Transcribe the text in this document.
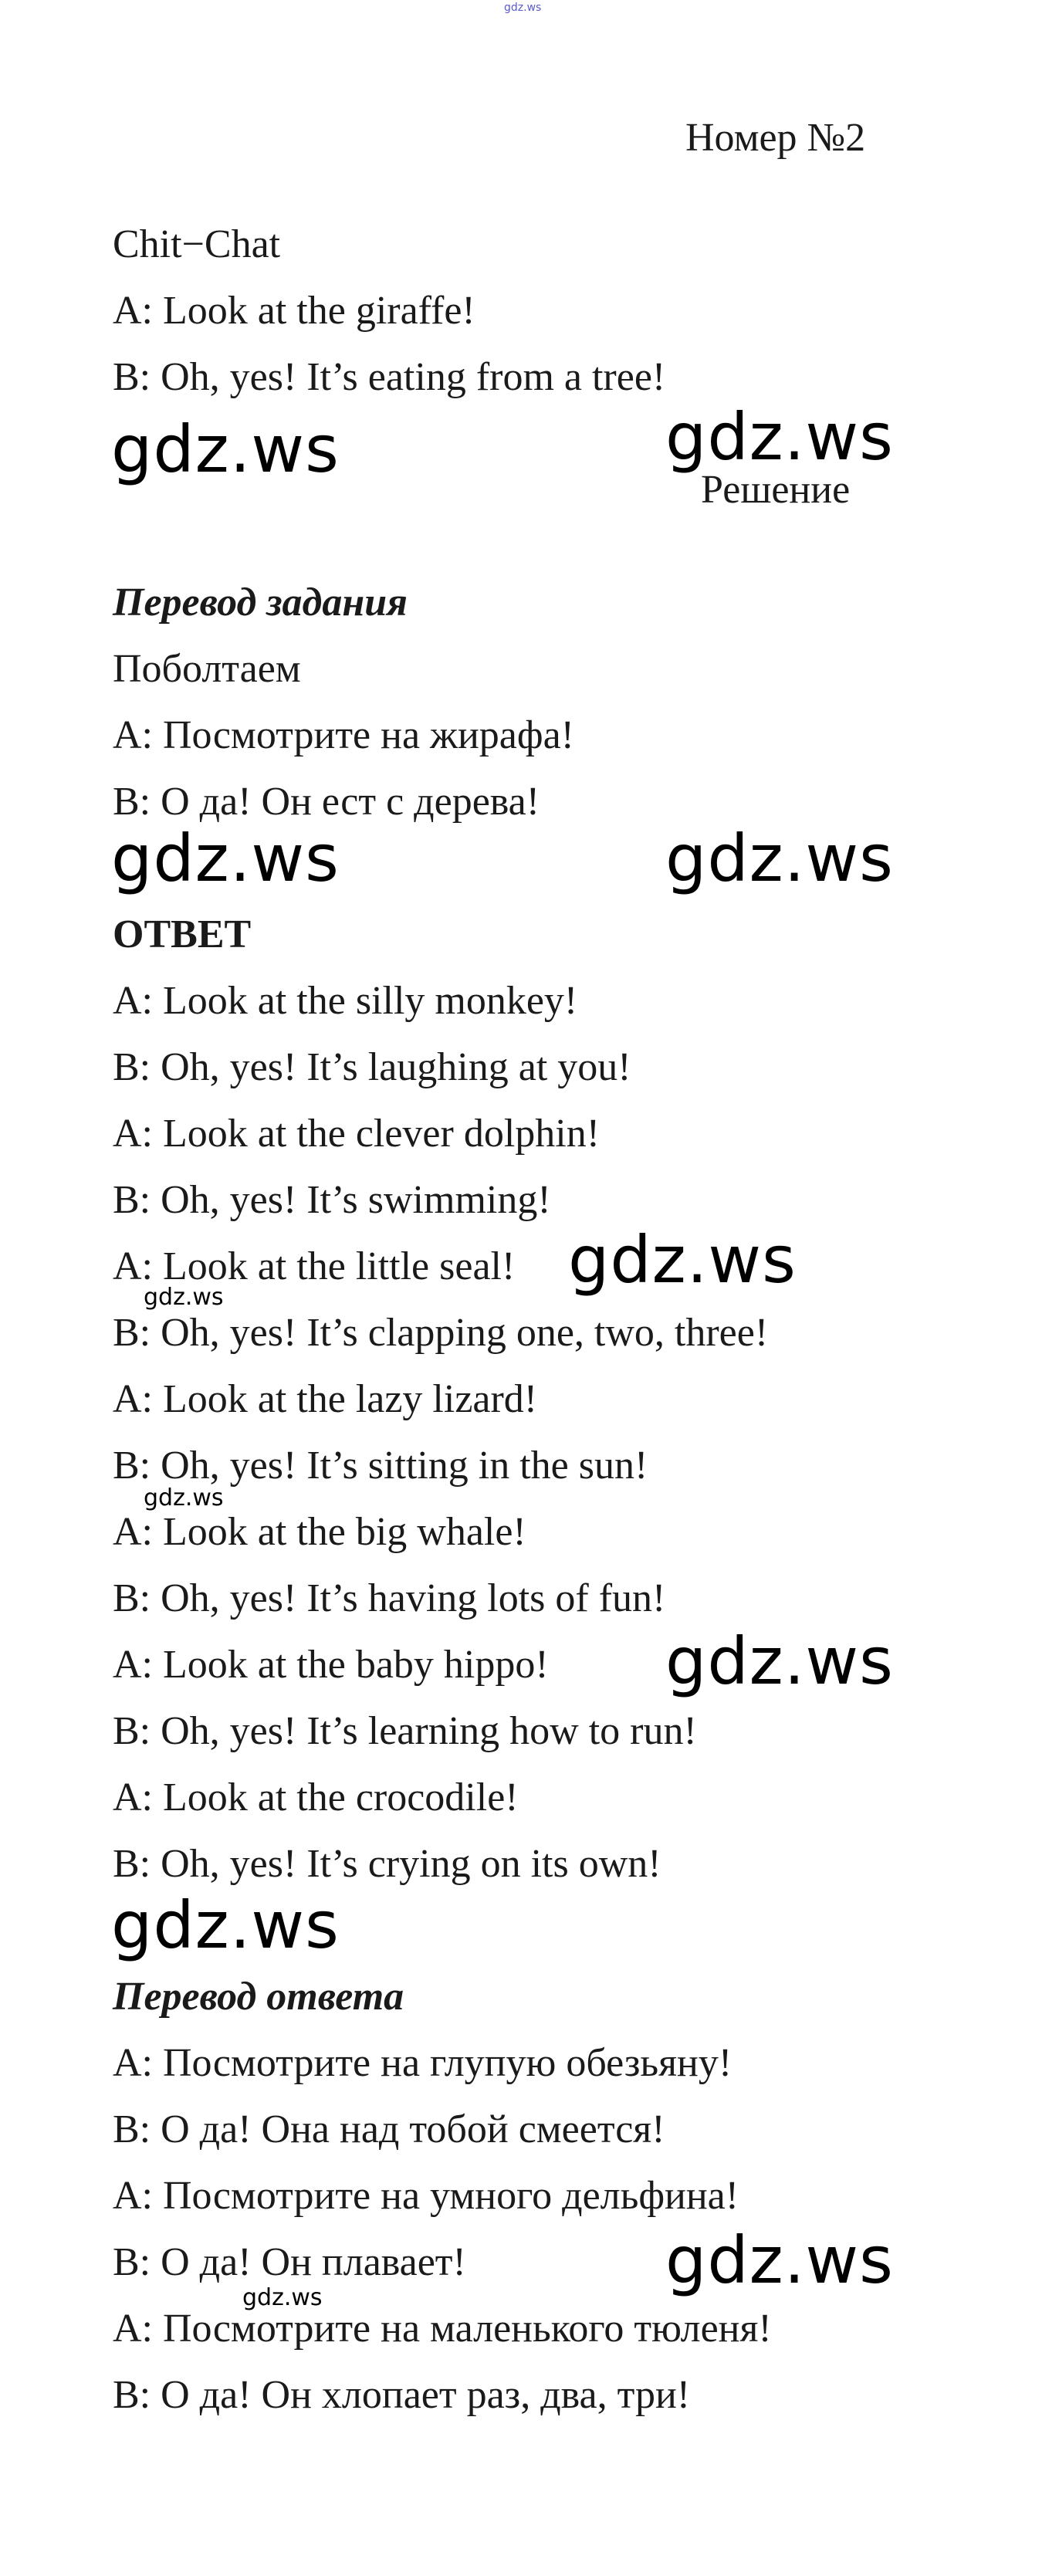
gdz.ws
Номер №2
Chit−Chat
A: Look at the giraffe!
B: Oh, yes! It’s eating from a tree!
gdz.ws	gdz.ws
Решение
Перевод задания
Поболтаем
A: Посмотрите на жирафа!
B: О да! Он ест с дерева!
gdz.ws	gdz.ws
ОТВЕТ
A: Look at the silly monkey!
B: Oh, yes! It’s laughing at you!
A: Look at the clever dolphin!
B: Oh, yes! It’s swimming!
A: Look at the little seal! gdz.ws
gdz.ws
B: Oh, yes! It’s clapping one, two, three!
A: Look at the lazy lizard!
B: Oh, yes! It’s sitting in the sun!
gdz.ws
A: Look at the big whale!
B: Oh, yes! It’s having lots of fun!
A: Look at the baby hippo! gdz.ws
B: Oh, yes! It’s learning how to run!
A: Look at the crocodile!
B: Oh, yes! It’s crying on its own!
gdz.ws
Перевод ответа
A: Посмотрите на глупую обезьяну!
B: О да! Она над тобой смеется!
A: Посмотрите на умного дельфина!
B: О да! Он плавает!	gdz.ws
gdz.ws
A: Посмотрите на маленького тюленя!
B: О да! Он хлопает раз, два, три!
